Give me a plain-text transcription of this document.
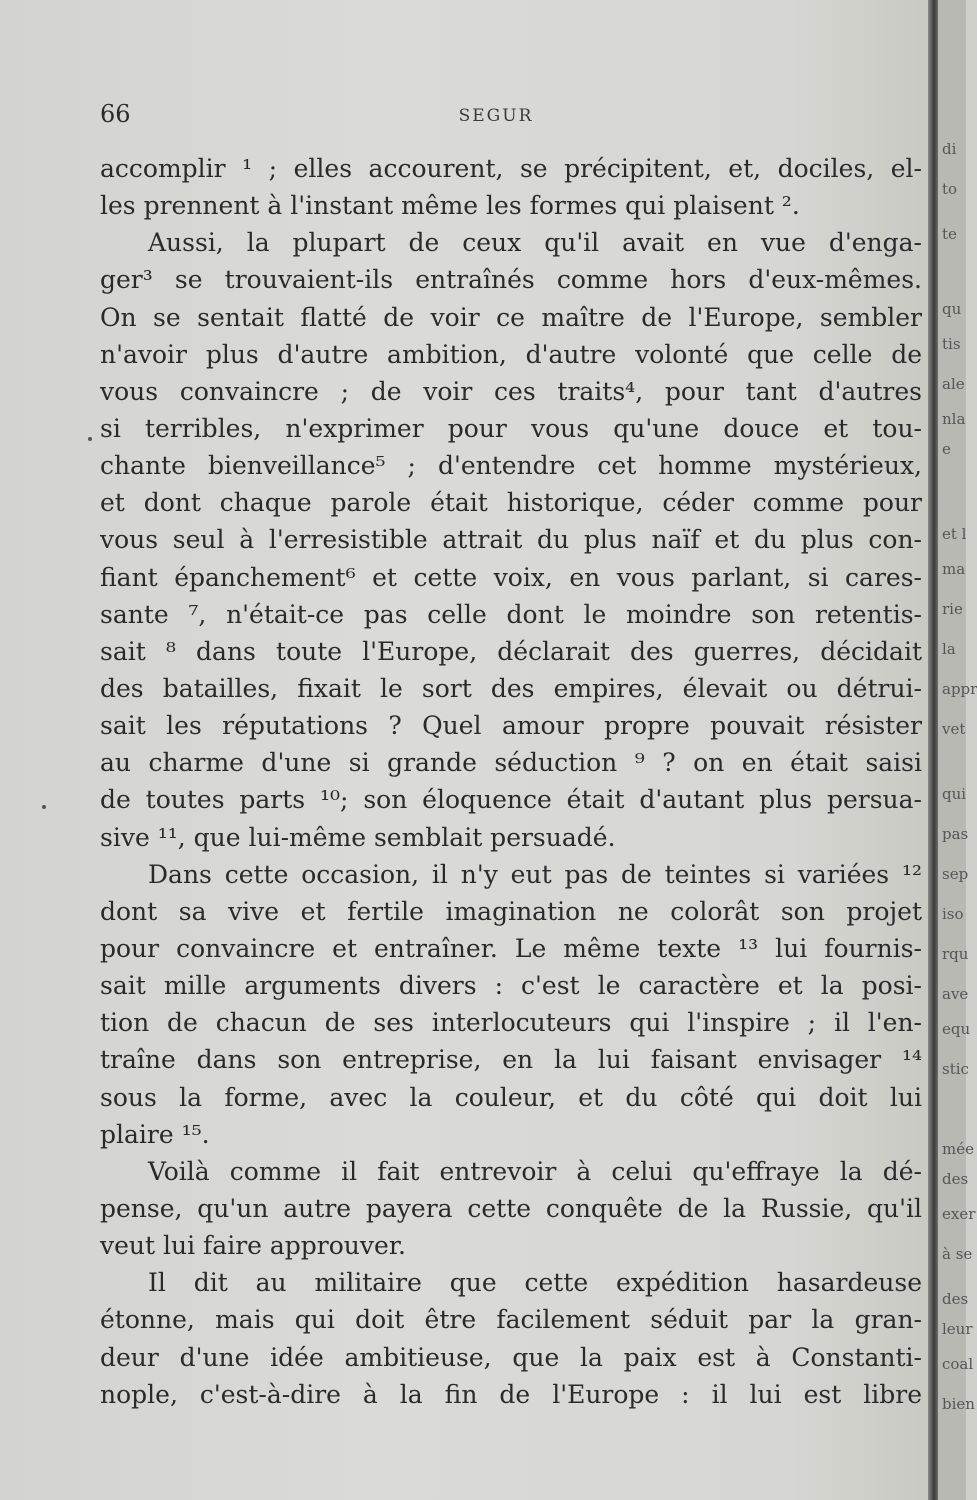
66	SEGUR
accomplir ¹ ; elles accourent, se précipitent, et, dociles, el-
les prennent à l'instant même les formes qui plaisent ².
Aussi, la plupart de ceux qu'il avait en vue d'enga-
ger³ se trouvaient-ils entraînés comme hors d'eux-mêmes.
On se sentait flatté de voir ce maître de l'Europe, sembler
n'avoir plus d'autre ambition, d'autre volonté que celle de
vous convaincre ; de voir ces traits⁴, pour tant d'autres
si terribles, n'exprimer pour vous qu'une douce et tou-
chante bienveillance⁵ ; d'entendre cet homme mystérieux,
et dont chaque parole était historique, céder comme pour
vous seul à l'erresistible attrait du plus naïf et du plus con-
fiant épanchement⁶ et cette voix, en vous parlant, si cares-
sante ⁷, n'était-ce pas celle dont le moindre son retentis-
sait ⁸ dans toute l'Europe, déclarait des guerres, décidait
des batailles, fixait le sort des empires, élevait ou détrui-
sait les réputations ? Quel amour propre pouvait résister
au charme d'une si grande séduction ⁹ ? on en était saisi
de toutes parts ¹⁰; son éloquence était d'autant plus persua-
sive ¹¹, que lui-même semblait persuadé.
Dans cette occasion, il n'y eut pas de teintes si variées ¹²
dont sa vive et fertile imagination ne colorât son projet
pour convaincre et entraîner. Le même texte ¹³ lui fournis-
sait mille arguments divers : c'est le caractère et la posi-
tion de chacun de ses interlocuteurs qui l'inspire ; il l'en-
traîne dans son entreprise, en la lui faisant envisager ¹⁴
sous la forme, avec la couleur, et du côté qui doit lui
plaire ¹⁵.
Voilà comme il fait entrevoir à celui qu'effraye la dé-
pense, qu'un autre payera cette conquête de la Russie, qu'il
veut lui faire approuver.
Il dit au militaire que cette expédition hasardeuse
étonne, mais qui doit être facilement séduit par la gran-
deur d'une idée ambitieuse, que la paix est à Constanti-
nople, c'est-à-dire à la fin de l'Europe : il lui est libre
di
to
te
qu
tis
ale
nla
e
et l
ma
rie
la
appr
vet
qui
pas
sep
iso
rqu
ave
equ
stic
mée
des
exer
à se
des
leur
coal
bien
